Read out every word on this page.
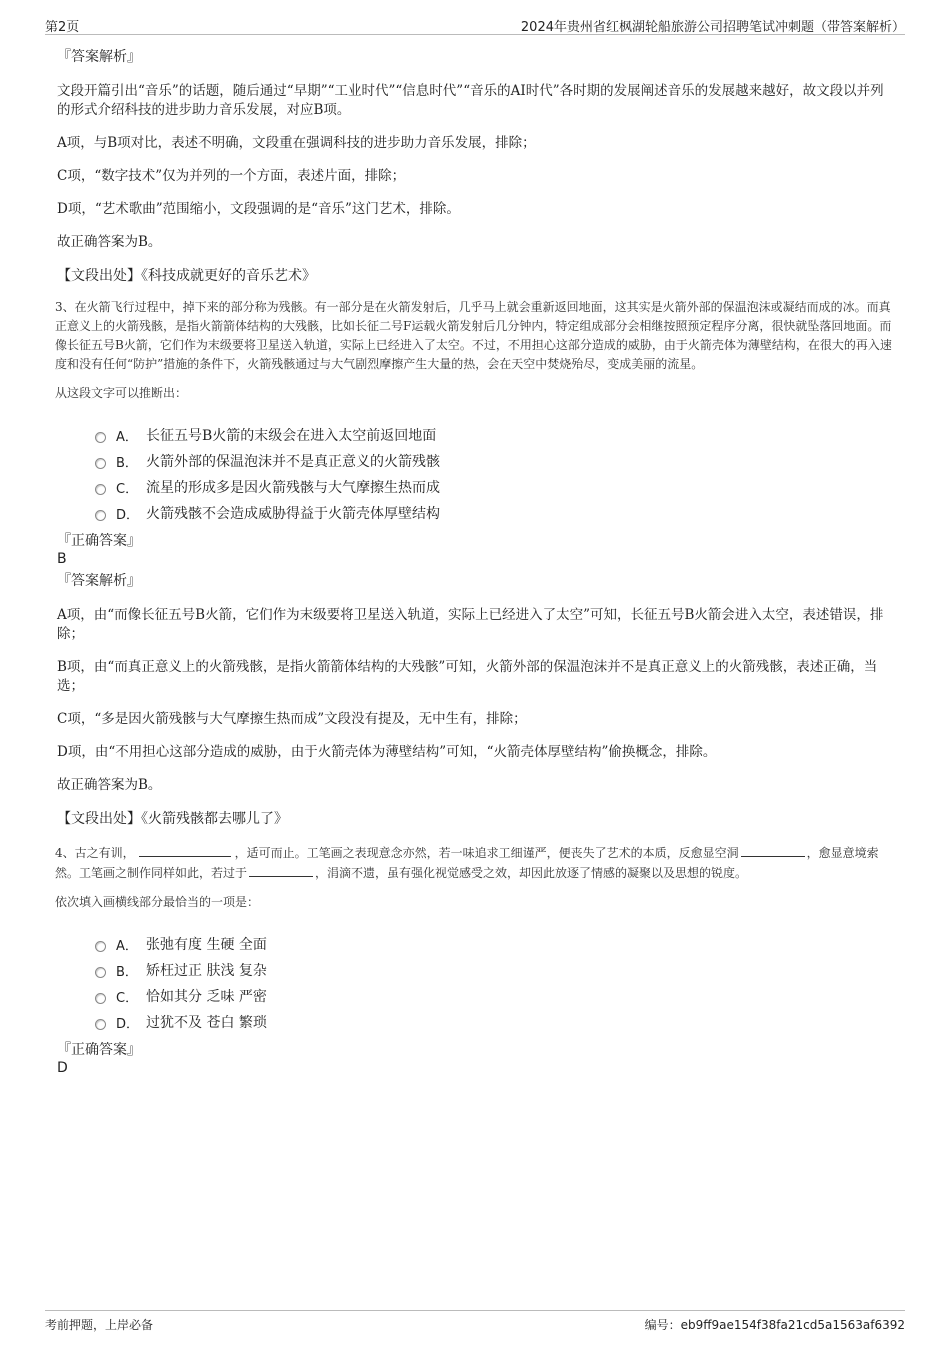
第2页	2024年贵州省红枫湖轮船旅游公司招聘笔试冲刺题（带答案解析）
『答案解析』
文段开篇引出“音乐”的话题，随后通过“早期”“工业时代”“信息时代”“音乐的AI时代”各时期的发展阐述音乐的发展越来越好，故文段以并列的形式介绍科技的进步助力音乐发展，对应B项。
A项，与B项对比，表述不明确，文段重在强调科技的进步助力音乐发展，排除；
C项，“数字技术”仅为并列的一个方面，表述片面，排除；
D项，“艺术歌曲”范围缩小，文段强调的是“音乐”这门艺术，排除。
故正确答案为B。
【文段出处】《科技成就更好的音乐艺术》
3、在火箭飞行过程中，掉下来的部分称为残骸。有一部分是在火箭发射后，几乎马上就会重新返回地面，这其实是火箭外部的保温泡沫或凝结而成的冰。而真正意义上的火箭残骸，是指火箭箭体结构的大残骸，比如长征二号F运载火箭发射后几分钟内，特定组成部分会相继按照预定程序分离，很快就坠落回地面。而像长征五号B火箭，它们作为末级要将卫星送入轨道，实际上已经进入了太空。不过，不用担心这部分造成的威胁，由于火箭壳体为薄壁结构，在很大的再入速度和没有任何“防护”措施的条件下，火箭残骸通过与大气剧烈摩擦产生大量的热，会在天空中焚烧殆尽，变成美丽的流星。
从这段文字可以推断出：
A． 长征五号B火箭的末级会在进入太空前返回地面
B． 火箭外部的保温泡沫并不是真正意义的火箭残骸
C． 流星的形成多是因火箭残骸与大气摩擦生热而成
D． 火箭残骸不会造成威胁得益于火箭壳体厚壁结构
『正确答案』
B
『答案解析』
A项，由“而像长征五号B火箭，它们作为末级要将卫星送入轨道，实际上已经进入了太空”可知，长征五号B火箭会进入太空，表述错误，排除；
B项，由“而真正意义上的火箭残骸，是指火箭箭体结构的大残骸”可知，火箭外部的保温泡沫并不是真正意义上的火箭残骸，表述正确，当选；
C项，“多是因火箭残骸与大气摩擦生热而成”文段没有提及，无中生有，排除；
D项，由“不用担心这部分造成的威胁，由于火箭壳体为薄壁结构”可知，“火箭壳体厚壁结构”偷换概念，排除。
故正确答案为B。
【文段出处】《火箭残骸都去哪儿了》
4、古之有训，	，适可而止。工笔画之表现意念亦然，若一味追求工细谨严，便丧失了艺术的本质，反愈显空洞	，愈显意境索然。工笔画之制作同样如此，若过于	，涓滴不遗，虽有强化视觉感受之效，却因此放逐了情感的凝聚以及思想的锐度。
依次填入画横线部分最恰当的一项是：
A． 张弛有度 生硬 全面
B． 矫枉过正 肤浅 复杂
C． 恰如其分 乏味 严密
D． 过犹不及 苍白 繁琐
『正确答案』
D
考前押题，上岸必备	编号：eb9ff9ae154f38fa21cd5a1563af6392
